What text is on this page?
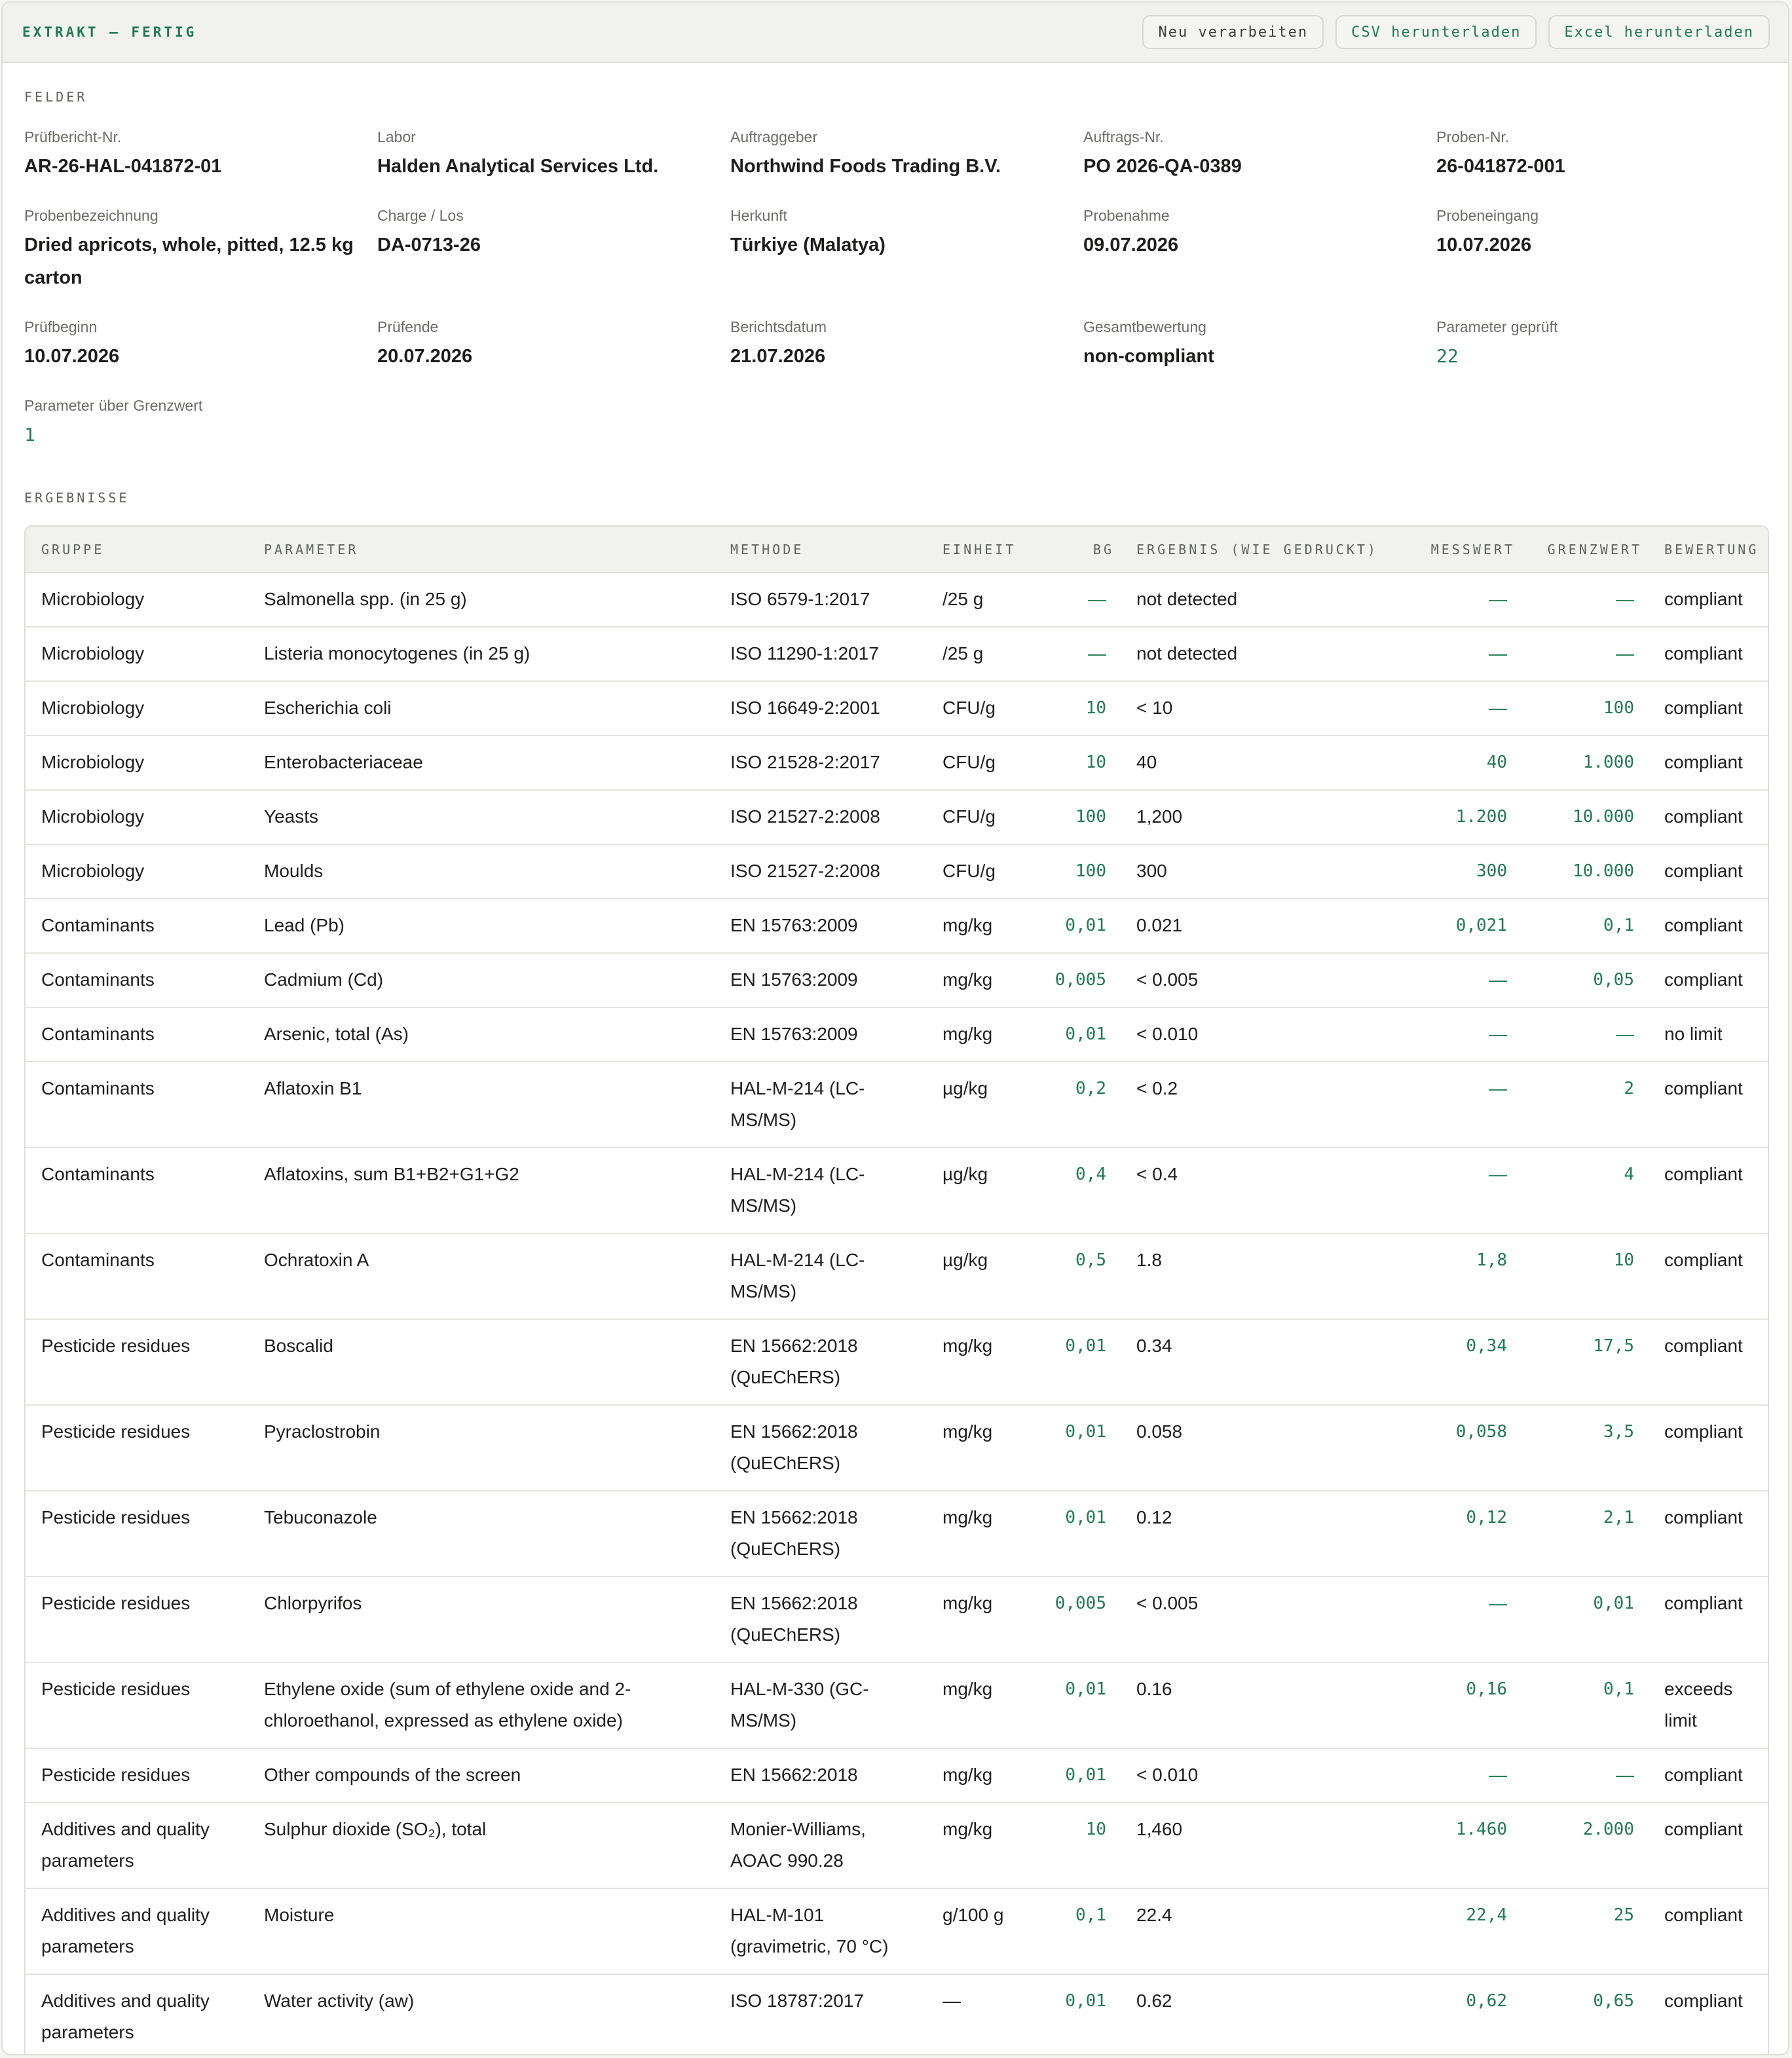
EXTRAKT — FERTIG	Neu verarbeiten	CSV herunterladen	Excel herunterladen
FELDER
Prüfbericht-Nr.
AR-26-HAL-041872-01
Labor
Halden Analytical Services Ltd.
Auftraggeber
Northwind Foods Trading B.V.
Auftrags-Nr.
PO 2026-QA-0389
Proben-Nr.
26-041872-001
Probenbezeichnung
Dried apricots, whole, pitted, 12.5 kg carton
Charge / Los
DA-0713-26
Herkunft
Türkiye (Malatya)
Probenahme
09.07.2026
Probeneingang
10.07.2026
Prüfbeginn
10.07.2026
Prüfende
20.07.2026
Berichtsdatum
21.07.2026
Gesamtbewertung
non-compliant
Parameter geprüft
22
Parameter über Grenzwert
1
ERGEBNISSE
GRUPPE	PARAMETER	METHODE	EINHEIT	BG	ERGEBNIS (WIE GEDRUCKT)	MESSWERT	GRENZWERT	BEWERTUNG
Microbiology	Salmonella spp. (in 25 g)	ISO 6579-1:2017	/25 g	—	not detected	—	—	compliant
Microbiology	Listeria monocytogenes (in 25 g)	ISO 11290-1:2017	/25 g	—	not detected	—	—	compliant
Microbiology	Escherichia coli	ISO 16649-2:2001	CFU/g	10	< 10	—	100	compliant
Microbiology	Enterobacteriaceae	ISO 21528-2:2017	CFU/g	10	40	40	1.000	compliant
Microbiology	Yeasts	ISO 21527-2:2008	CFU/g	100	1,200	1.200	10.000	compliant
Microbiology	Moulds	ISO 21527-2:2008	CFU/g	100	300	300	10.000	compliant
Contaminants	Lead (Pb)	EN 15763:2009	mg/kg	0,01	0.021	0,021	0,1	compliant
Contaminants	Cadmium (Cd)	EN 15763:2009	mg/kg	0,005	< 0.005	—	0,05	compliant
Contaminants	Arsenic, total (As)	EN 15763:2009	mg/kg	0,01	< 0.010	—	—	no limit
Contaminants	Aflatoxin B1	HAL-M-214 (LC-MS/MS)	µg/kg	0,2	< 0.2	—	2	compliant
Contaminants	Aflatoxins, sum B1+B2+G1+G2	HAL-M-214 (LC-MS/MS)	µg/kg	0,4	< 0.4	—	4	compliant
Contaminants	Ochratoxin A	HAL-M-214 (LC-MS/MS)	µg/kg	0,5	1.8	1,8	10	compliant
Pesticide residues	Boscalid	EN 15662:2018 (QuEChERS)	mg/kg	0,01	0.34	0,34	17,5	compliant
Pesticide residues	Pyraclostrobin	EN 15662:2018 (QuEChERS)	mg/kg	0,01	0.058	0,058	3,5	compliant
Pesticide residues	Tebuconazole	EN 15662:2018 (QuEChERS)	mg/kg	0,01	0.12	0,12	2,1	compliant
Pesticide residues	Chlorpyrifos	EN 15662:2018 (QuEChERS)	mg/kg	0,005	< 0.005	—	0,01	compliant
Pesticide residues	Ethylene oxide (sum of ethylene oxide and 2-chloroethanol, expressed as ethylene oxide)	HAL-M-330 (GC-MS/MS)	mg/kg	0,01	0.16	0,16	0,1	exceeds limit
Pesticide residues	Other compounds of the screen	EN 15662:2018	mg/kg	0,01	< 0.010	—	—	compliant
Additives and quality parameters	Sulphur dioxide (SO₂), total	Monier-Williams, AOAC 990.28	mg/kg	10	1,460	1.460	2.000	compliant
Additives and quality parameters	Moisture	HAL-M-101 (gravimetric, 70 °C)	g/100 g	0,1	22.4	22,4	25	compliant
Additives and quality parameters	Water activity (aw)	ISO 18787:2017	—	0,01	0.62	0,62	0,65	compliant
